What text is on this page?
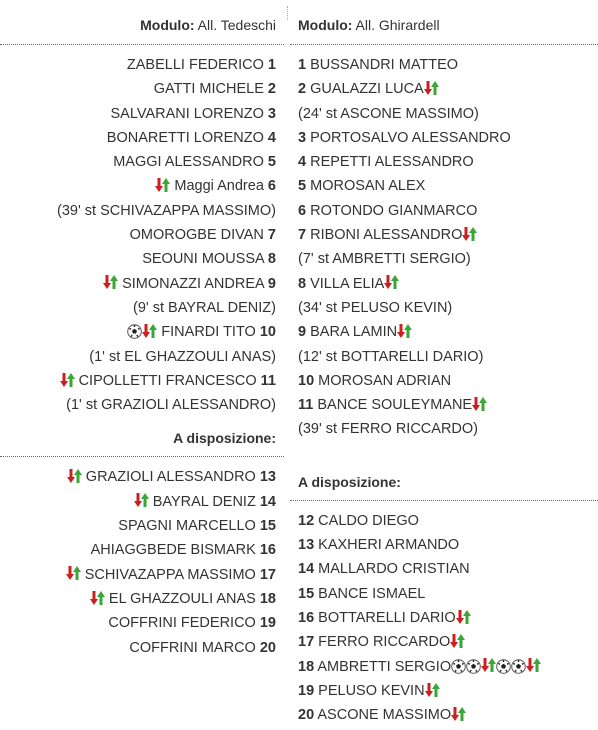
Modulo: All. Tedeschi
ZABELLI FEDERICO 1
GATTI MICHELE 2
SALVARANI LORENZO 3
BONARETTI LORENZO 4
MAGGI ALESSANDRO 5
Maggi Andrea 6
(39' st SCHIVAZAPPA MASSIMO)
OMOROGBE DIVAN 7
SEOUNI MOUSSA 8
SIMONAZZI ANDREA 9
(9' st BAYRAL DENIZ)
FINARDI TITO 10
(1' st EL GHAZZOULI ANAS)
CIPOLLETTI FRANCESCO 11
(1' st GRAZIOLI ALESSANDRO)
A disposizione:
GRAZIOLI ALESSANDRO 13
BAYRAL DENIZ 14
SPAGNI MARCELLO 15
AHIAGGBEDE BISMARK 16
SCHIVAZAPPA MASSIMO 17
EL GHAZZOULI ANAS 18
COFFRINI FEDERICO 19
COFFRINI MARCO 20
Modulo: All. Ghirardell
1 BUSSANDRI MATTEO
2 GUALAZZI LUCA
(24' st ASCONE MASSIMO)
3 PORTOSALVO ALESSANDRO
4 REPETTI ALESSANDRO
5 MOROSAN ALEX
6 ROTONDO GIANMARCO
7 RIBONI ALESSANDRO
(7' st AMBRETTI SERGIO)
8 VILLA ELIA
(34' st PELUSO KEVIN)
9 BARA LAMIN
(12' st BOTTARELLI DARIO)
10 MOROSAN ADRIAN
11 BANCE SOULEYMANE
(39' st FERRO RICCARDO)
A disposizione:
12 CALDO DIEGO
13 KAXHERI ARMANDO
14 MALLARDO CRISTIAN
15 BANCE ISMAEL
16 BOTTARELLI DARIO
17 FERRO RICCARDO
18 AMBRETTI SERGIO
19 PELUSO KEVIN
20 ASCONE MASSIMO
